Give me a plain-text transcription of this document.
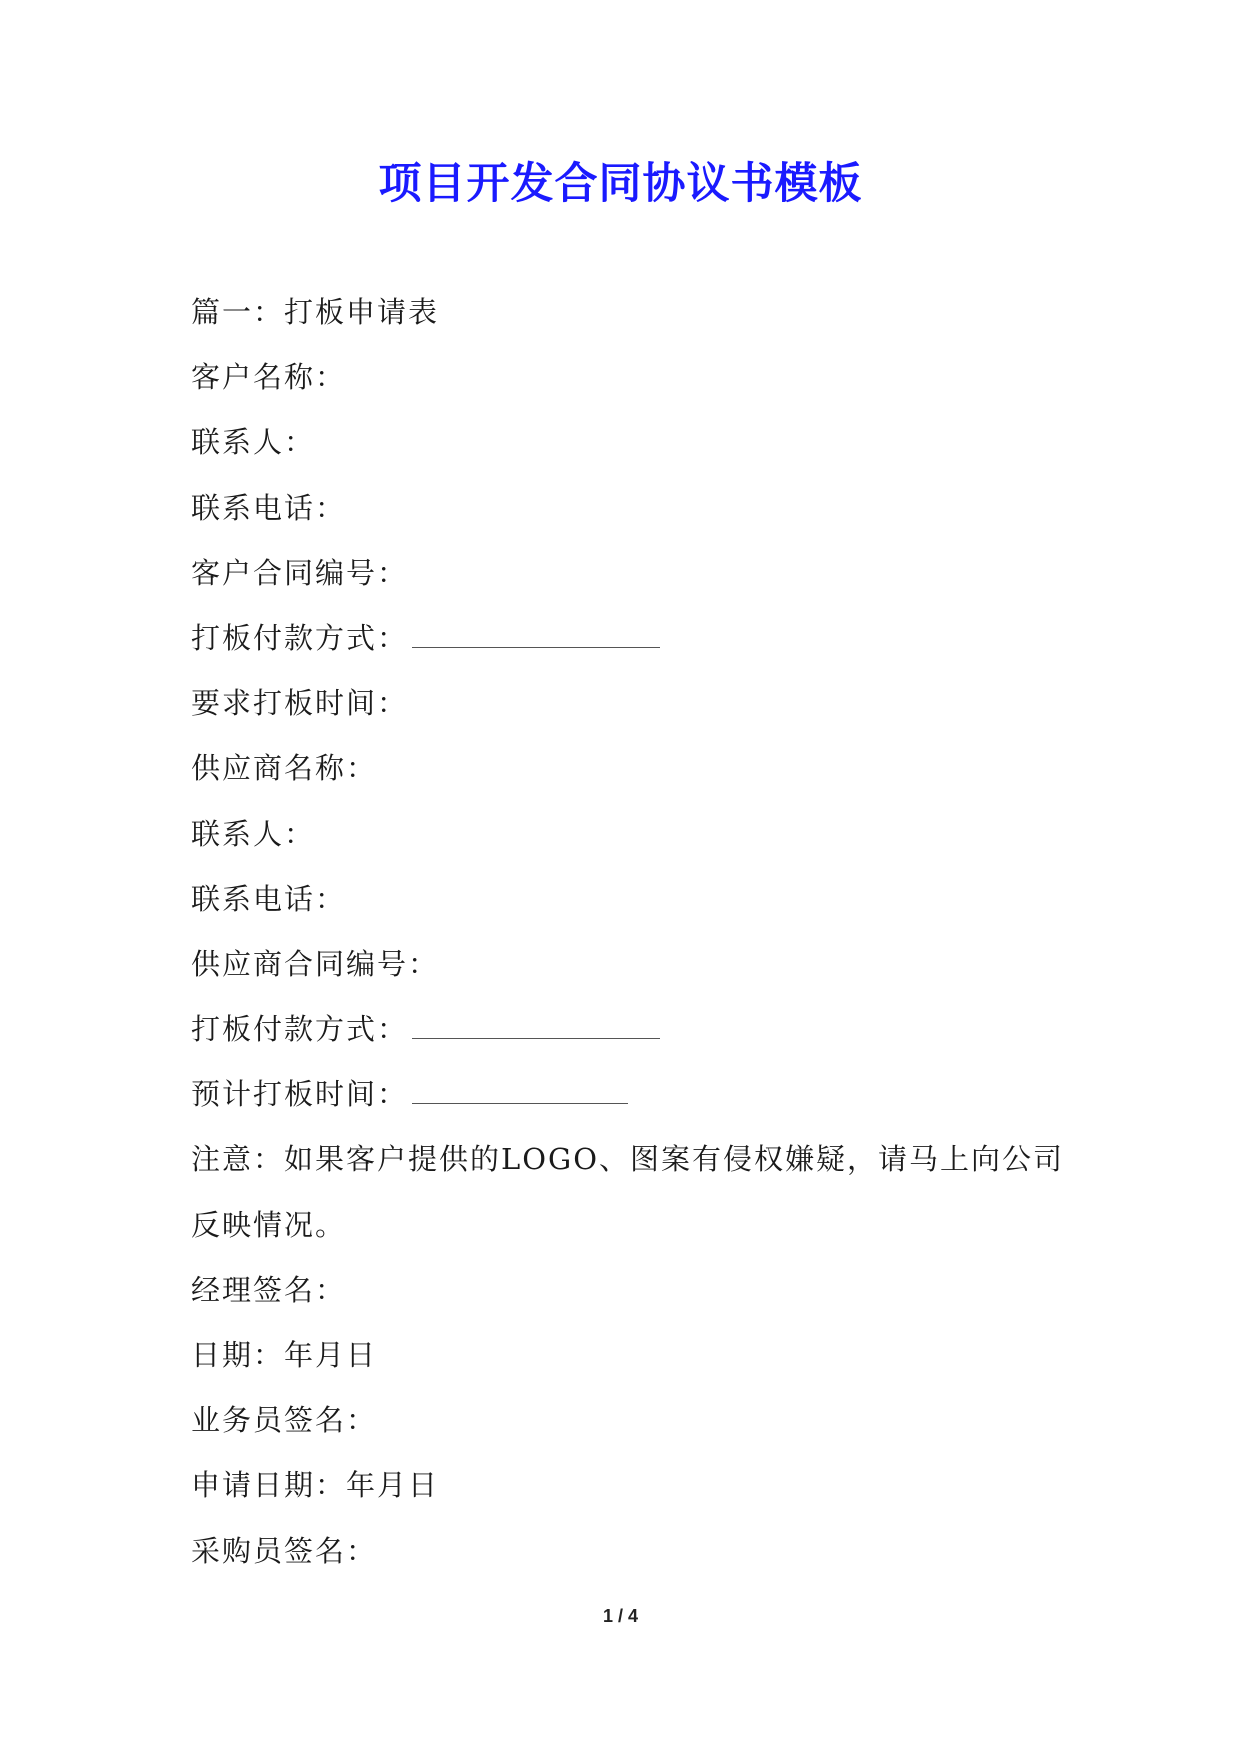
项目开发合同协议书模板
篇一：打板申请表
客户名称：
联系人：
联系电话：
客户合同编号：
打板付款方式：
要求打板时间：
供应商名称：
联系人：
联系电话：
供应商合同编号：
打板付款方式：
预计打板时间：
注意：如果客户提供的LOGO、图案有侵权嫌疑，请马上向公司
反映情况。
经理签名：
日期：年月日
业务员签名：
申请日期：年月日
采购员签名：
1 / 4
